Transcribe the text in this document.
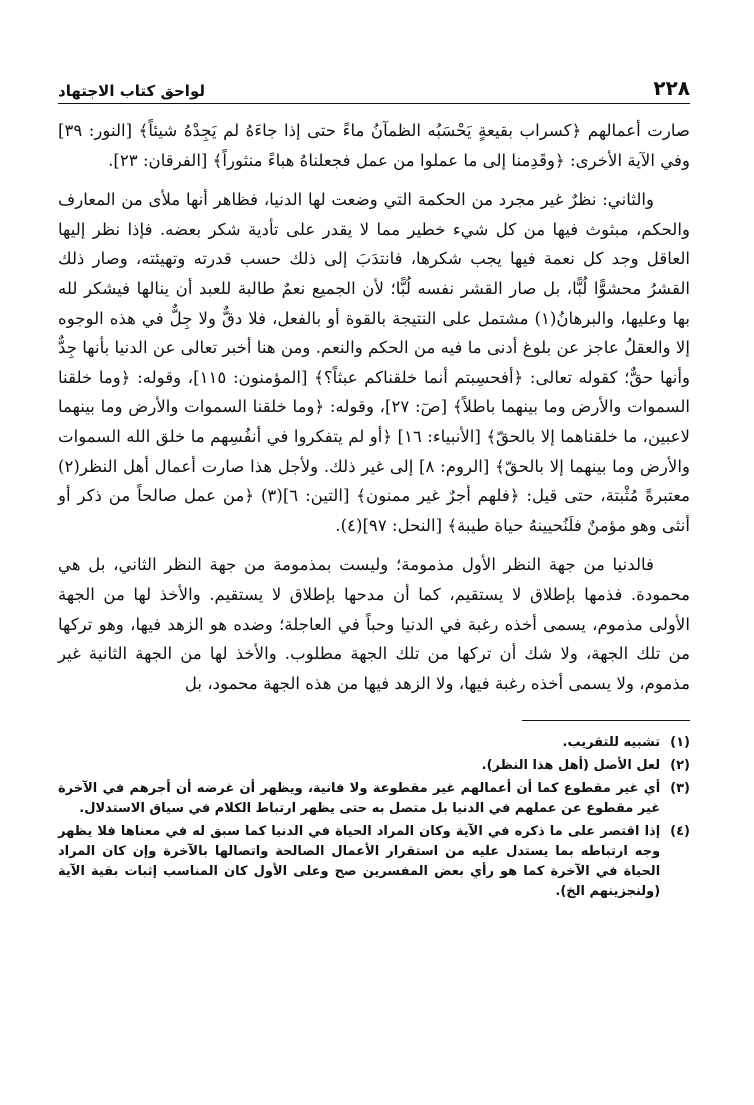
٢٢٨
لواحق كتاب الاجتهاد

صارت أعمالهم ﴿كسراب بقيعةٍ يَحْسَبُه الظمآنُ ماءً حتى إذا جاءَهُ لم يَجِدْهُ شيئاً﴾ [النور: ٣٩] وفي الآية الأخرى: ﴿وقَدِمنا إلى ما عملوا من عمل فجعلناهُ هباءً منثوراً﴾ [الفرقان: ٢٣].

والثاني: نظرٌ غير مجرد من الحكمة التي وضعت لها الدنيا، فظاهر أنها ملأى من المعارف والحكم، مبثوث فيها من كل شيء خطير مما لا يقدر على تأدية شكر بعضه. فإذا نظر إليها العاقل وجد كل نعمة فيها يجب شكرها، فانتدَبَ إلى ذلك حسب قدرته وتهيئته، وصار ذلك القشرُ محشوًّا لُبًّا، بل صار القشر نفسه لُبًّا؛ لأن الجميع نعمٌ طالبة للعبد أن ينالها فيشكر لله بها وعليها، والبرهانُ(١) مشتمل على النتيجة بالقوة أو بالفعل، فلا دقٌّ ولا جِلٌّ في هذه الوجوه إلا والعقلُ عاجز عن بلوغ أدنى ما فيه من الحكم والنعم. ومن هنا أخبر تعالى عن الدنيا بأنها جِدٌّ وأنها حقٌّ؛ كقوله تعالى: ﴿أفحسِبتم أنما خلقناكم عبثاً؟﴾ [المؤمنون: ١١٥]، وقوله: ﴿وما خلقنا السموات والأرض وما بينهما باطلاً﴾ [صٓ: ٢٧]، وقوله: ﴿وما خلقنا السموات والأرض وما بينهما لاعبين، ما خلقناهما إلا بالحقّ﴾ [الأنبياء: ١٦] ﴿أو لم يتفكروا في أنفُسِهم ما خلق الله السموات والأرض وما بينهما إلا بالحقّ﴾ [الروم: ٨] إلى غير ذلك. ولأجل هذا صارت أعمال أهل النظر(٢) معتبرةً مُثْبتة، حتى قيل: ﴿فلهم أجرٌ غير ممنون﴾ [التين: ٦](٣) ﴿من عمل صالحاً من ذكر أو أنثى وهو مؤمنٌ فلَنُحيينهُ حياة طيبة﴾ [النحل: ٩٧](٤).

فالدنيا من جهة النظر الأول مذمومة؛ وليست بمذمومة من جهة النظر الثاني، بل هي محمودة. فذمها بإطلاق لا يستقيم، كما أن مدحها بإطلاق لا يستقيم. والأخذ لها من الجهة الأولى مذموم، يسمى أخذه رغبة في الدنيا وحباً في العاجلة؛ وضده هو الزهد فيها، وهو تركها من تلك الجهة، ولا شك أن تركها من تلك الجهة مطلوب. والأخذ لها من الجهة الثانية غير مذموم، ولا يسمى أخذه رغبة فيها، ولا الزهد فيها من هذه الجهة محمود، بل

(١)
تشبيه للتقريب.
(٢)
لعل الأصل (أهل هذا النظر).
(٣)
أي غير مقطوع كما أن أعمالهم غير مقطوعة ولا فانية، ويظهر أن غرضه أن أجرهم في الآخرة غير مقطوع عن عملهم في الدنيا بل متصل به حتى يظهر ارتباط الكلام في سياق الاستدلال.
(٤)
إذا اقتصر على ما ذكره في الآية وكان المراد الحياة في الدنيا كما سبق له في معناها فلا يظهر وجه ارتباطه بما يستدل عليه من استقرار الأعمال الصالحة واتصالها بالآخرة وإن كان المراد الحياة في الآخرة كما هو رأي بعض المفسرين صح وعلى الأول كان المناسب إثبات بقية الآية (ولنجزينهم الخ).
